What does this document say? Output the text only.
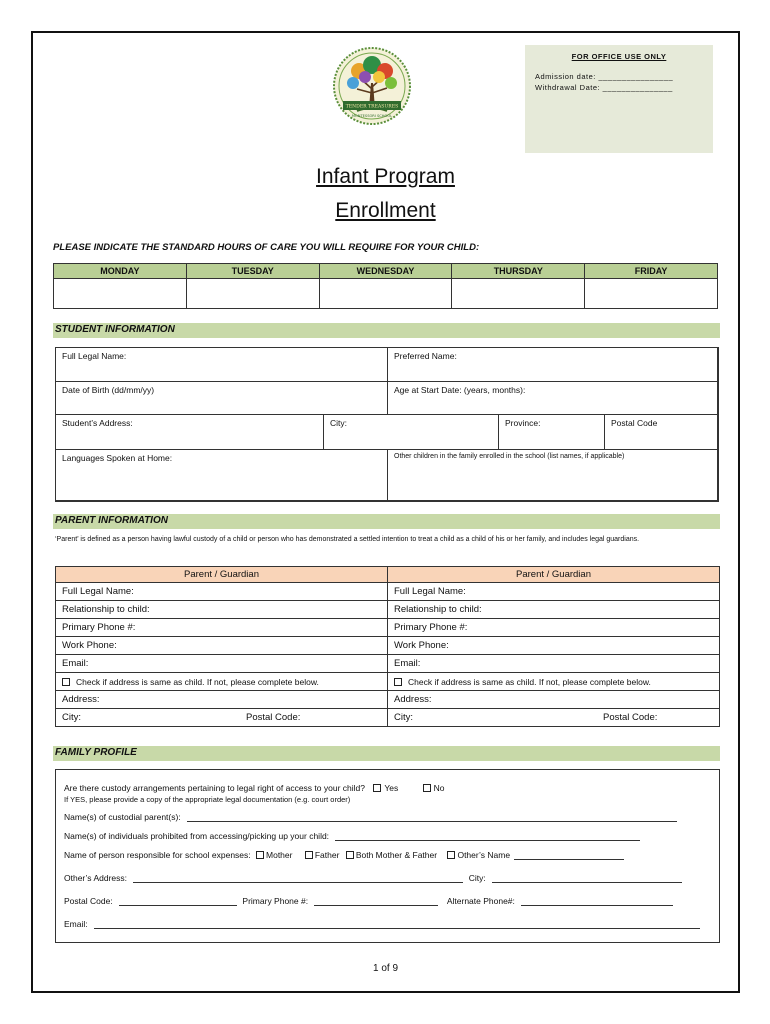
TENDER TREASURES
MONTESSORI SCHOOL
FOR OFFICE USE ONLY
Admission date: ________________
Withdrawal Date: _______________
Infant Program
Enrollment
PLEASE INDICATE THE STANDARD HOURS OF CARE YOU WILL REQUIRE FOR YOUR CHILD:
MONDAY	TUESDAY	WEDNESDAY	THURSDAY	FRIDAY

STUDENT INFORMATION
Full Legal Name:	Preferred Name:
Date of Birth (dd/mm/yy)	Age at Start Date: (years, months):
Student’s Address:	City:	Province:	Postal Code
Languages Spoken at Home:	Other children in the family enrolled in the school (list names, if applicable)
PARENT INFORMATION
‘Parent’ is defined as a person having lawful custody of a child or person who has demonstrated a settled intention to treat a child as a child of his or her family, and includes legal guardians.
Parent / Guardian	Parent / Guardian
Full Legal Name:	Full Legal Name:
Relationship to child:	Relationship to child:
Primary Phone #:	Primary Phone #:
Work Phone:	Work Phone:
Email:	Email:
Check if address is same as child. If not, please complete below.	Check if address is same as child. If not, please complete below.
Address:	Address:
City: Postal Code:	City: Postal Code:
FAMILY PROFILE
Are there custody arrangements pertaining to legal right of access to your child? Yes	No
If YES, please provide a copy of the appropriate legal documentation (e.g. court order)
Name(s) of custodial parent(s):
Name(s) of individuals prohibited from accessing/picking up your child:
Name of person responsible for school expenses: Mother	Father Both Mother & Father Other’s Name
Other’s Address:	City:
Postal Code:	Primary Phone #:	Alternate Phone#:
Email:
1 of 9
